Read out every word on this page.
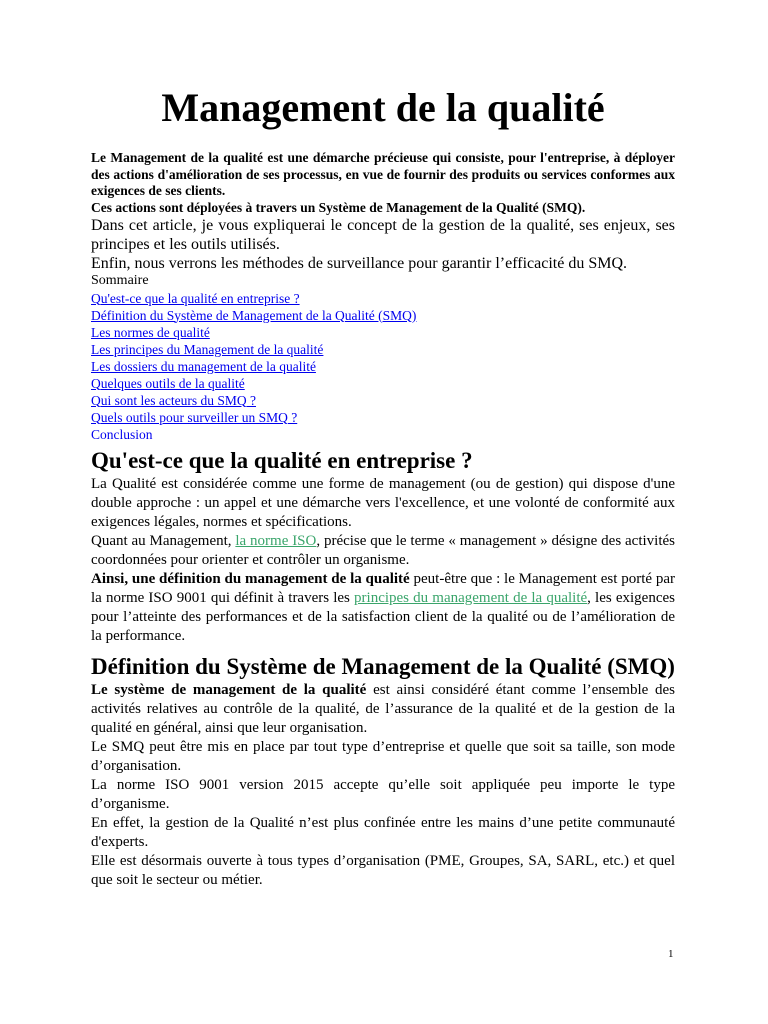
Management de la qualité

Le Management de la qualité est une démarche précieuse qui consiste, pour l'entreprise, à déployer des actions d'amélioration de ses processus, en vue de fournir des produits ou services conformes aux exigences de ses clients.

Ces actions sont déployées à travers un Système de Management de la Qualité (SMQ).

Dans cet article, je vous expliquerai le concept de la gestion de la qualité, ses enjeux, ses principes et les outils utilisés.

Enfin, nous verrons les méthodes de surveillance pour garantir l’efficacité du SMQ.

Sommaire

Qu'est-ce que la qualité en entreprise ?
Définition du Système de Management de la Qualité (SMQ)
Les normes de qualité
Les principes du Management de la qualité
Les dossiers du management de la qualité
Quelques outils de la qualité
Qui sont les acteurs du SMQ ?
Quels outils pour surveiller un SMQ ?
Conclusion
Qu'est-ce que la qualité en entreprise ?

La Qualité est considérée comme une forme de management (ou de gestion) qui dispose d'une double approche : un appel et une démarche vers l'excellence, et une volonté de conformité aux exigences légales, normes et spécifications.

Quant au Management, la norme ISO, précise que le terme « management » désigne des activités coordonnées pour orienter et contrôler un organisme.

Ainsi, une définition du management de la qualité peut-être que : le Management est porté par la norme ISO 9001 qui définit à travers les principes du management de la qualité, les exigences pour l’atteinte des performances et de la satisfaction client de la qualité ou de l’amélioration de la performance.

Définition du Système de Management de la Qualité (SMQ)

Le système de management de la qualité est ainsi considéré étant comme l’ensemble des activités relatives au contrôle de la qualité, de l’assurance de la qualité et de la gestion de la qualité en général, ainsi que leur organisation.

Le SMQ peut être mis en place par tout type d’entreprise et quelle que soit sa taille, son mode d’organisation.

La norme ISO 9001 version 2015 accepte qu’elle soit appliquée peu importe le type d’organisme.

En effet, la gestion de la Qualité n’est plus confinée entre les mains d’une petite communauté d'experts.

Elle est désormais ouverte à tous types d’organisation (PME, Groupes, SA, SARL, etc.) et quel que soit le secteur ou métier.

1
